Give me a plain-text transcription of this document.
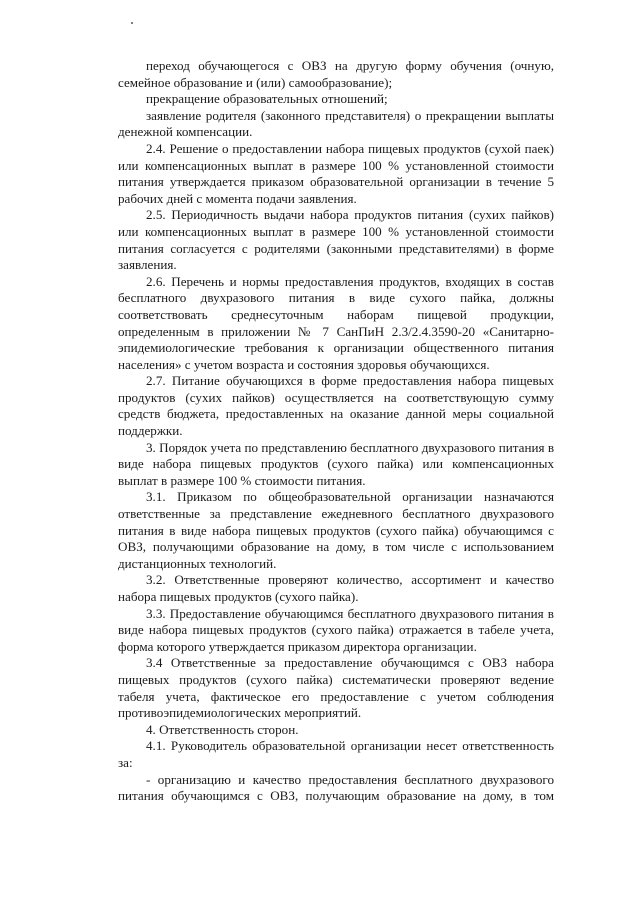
переход обучающегося с ОВЗ на другую форму обучения (очную, семейное образование и (или) самообразование);

прекращение образовательных отношений;

заявление родителя (законного представителя) о прекращении выплаты денежной компенсации.

2.4. Решение о предоставлении набора пищевых продуктов (сухой паек) или компенсационных выплат в размере 100 % установленной стоимости питания утверждается приказом образовательной организации в течение 5 рабочих дней с момента подачи заявления.

2.5. Периодичность выдачи набора продуктов питания (сухих пайков) или компенсационных выплат в размере 100 % установленной стоимости питания согласуется с родителями (законными представителями) в форме заявления.

2.6. Перечень и нормы предоставления продуктов, входящих в состав бесплатного двухразового питания в виде сухого пайка, должны соответствовать среднесуточным наборам пищевой продукции, определенным в приложении № 7 СанПиН 2.3/2.4.3590-20 «Санитарно-эпидемиологические требования к организации общественного питания населения» с учетом возраста и состояния здоровья обучающихся.

2.7. Питание обучающихся в форме предоставления набора пищевых продуктов (сухих пайков) осуществляется на соответствующую сумму средств бюджета, предоставленных на оказание данной меры социальной поддержки.

3. Порядок учета по представлению бесплатного двухразового питания в виде набора пищевых продуктов (сухого пайка) или компенсационных выплат в размере 100 % стоимости питания.

3.1. Приказом по общеобразовательной организации назначаются ответственные за представление ежедневного бесплатного двухразового питания в виде набора пищевых продуктов (сухого пайка) обучающимся с ОВЗ, получающими образование на дому, в том числе с использованием дистанционных технологий.

3.2. Ответственные проверяют количество, ассортимент и качество набора пищевых продуктов (сухого пайка).

3.3. Предоставление обучающимся бесплатного двухразового питания в виде набора пищевых продуктов (сухого пайка) отражается в табеле учета, форма которого утверждается приказом директора организации.

3.4 Ответственные за предоставление обучающимся с ОВЗ набора пищевых продуктов (сухого пайка) систематически проверяют ведение табеля учета, фактическое его предоставление с учетом соблюдения противоэпидемиологических мероприятий.

4. Ответственность сторон.

4.1. Руководитель образовательной организации несет ответственность за:

- организацию и качество предоставления бесплатного двухразового питания обучающимся с ОВЗ, получающим образование на дому, в том
